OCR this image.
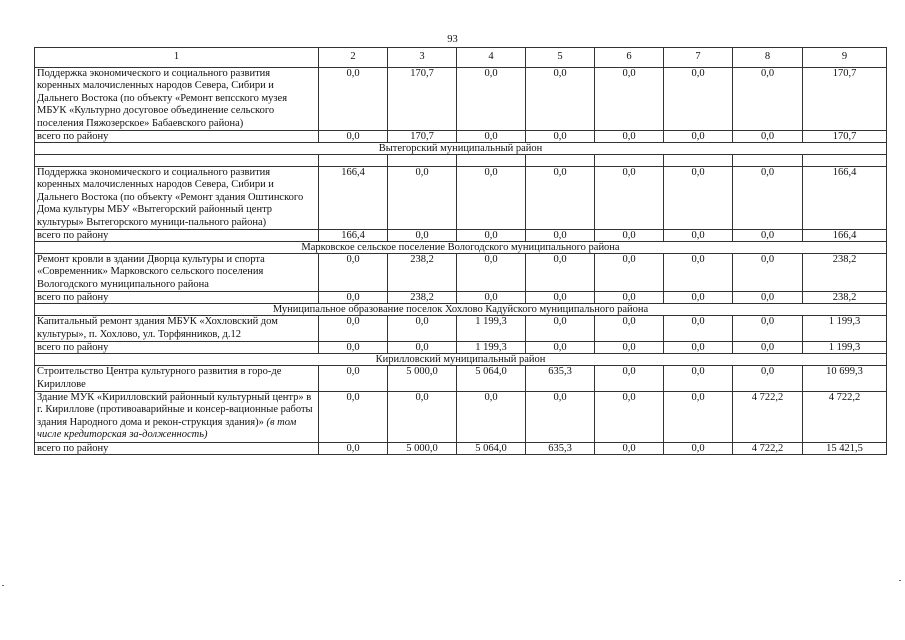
93
1	2	3	4	5	6	7	8	9
Поддержка экономического и социального развития коренных малочисленных народов Севера, Сибири и Дальнего Востока (по объекту «Ремонт вепсского музея МБУК «Культурно досуговое объединение сельского поселения Пяжозерское» Бабаевского района)	0,0	170,7	0,0	0,0	0,0	0,0	0,0	170,7
всего по району	0,0	170,7	0,0	0,0	0,0	0,0	0,0	170,7
Вытегорский муниципальный район								

Поддержка экономического и социального развития коренных малочисленных народов Севера, Сибири и Дальнего Востока (по объекту «Ремонт здания Оштинского Дома культуры МБУ «Вытегорский районный центр культуры» Вытегорского муници-пального района)	166,4	0,0	0,0	0,0	0,0	0,0	0,0	166,4
всего по району	166,4	0,0	0,0	0,0	0,0	0,0	0,0	166,4
Марковское сельское поселение Вологодского муниципального района								
Ремонт кровли в здании Дворца культуры и спорта «Современник» Марковского сельского поселения Вологодского муниципального района	0,0	238,2	0,0	0,0	0,0	0,0	0,0	238,2
всего по району	0,0	238,2	0,0	0,0	0,0	0,0	0,0	238,2
Муниципальное образование поселок Хохлово Кадуйского муниципального района								
Капитальный ремонт здания МБУК «Хохловский дом культуры», п. Хохлово, ул. Торфянников, д.12	0,0	0,0	1 199,3	0,0	0,0	0,0	0,0	1 199,3
всего по району	0,0	0,0	1 199,3	0,0	0,0	0,0	0,0	1 199,3
Кирилловский муниципальный район								
Строительство Центра культурного развития в горо-де Кириллове	0,0	5 000,0	5 064,0	635,3	0,0	0,0	0,0	10 699,3
Здание МУК «Кирилловский районный культурный центр» в г. Кириллове (противоаварийные и консер-вационные работы здания Народного дома и рекон-струкция здания)» (в том числе кредиторская за-долженность)	0,0	0,0	0,0	0,0	0,0	0,0	4 722,2	4 722,2
всего по району	0,0	5 000,0	5 064,0	635,3	0,0	0,0	4 722,2	15 421,5
